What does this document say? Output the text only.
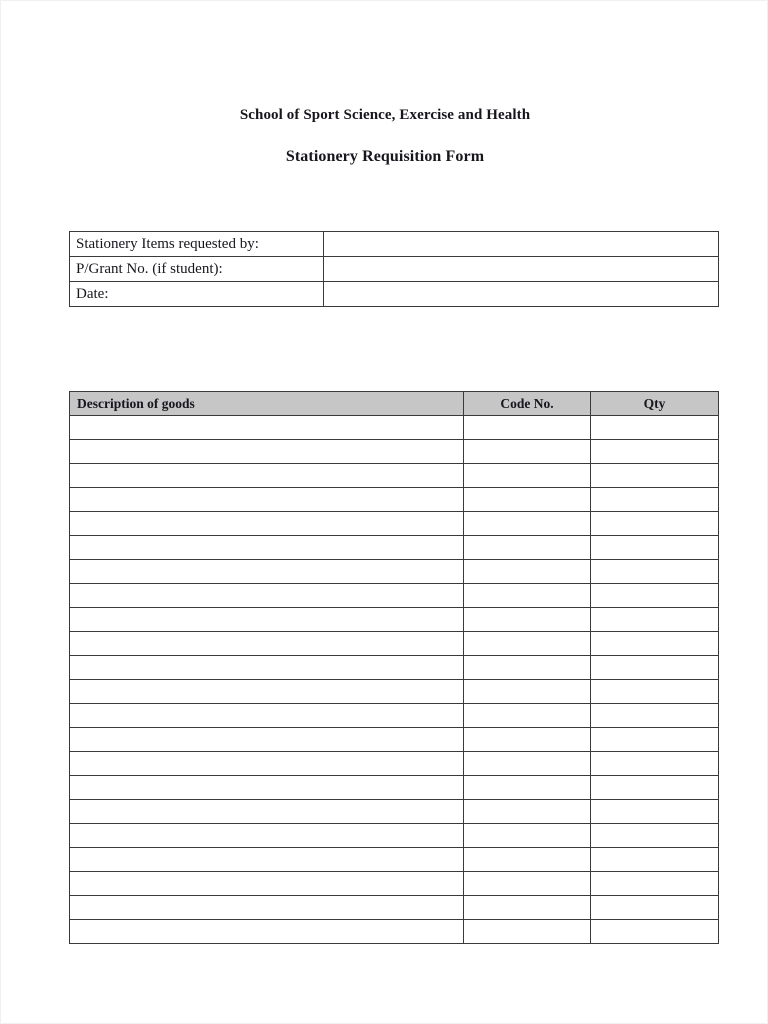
School of Sport Science, Exercise and Health

Stationery Requisition Form

Stationery Items requested by:	
P/Grant No. (if student):	
Date:	
Description of goods	Code No.	Qty
